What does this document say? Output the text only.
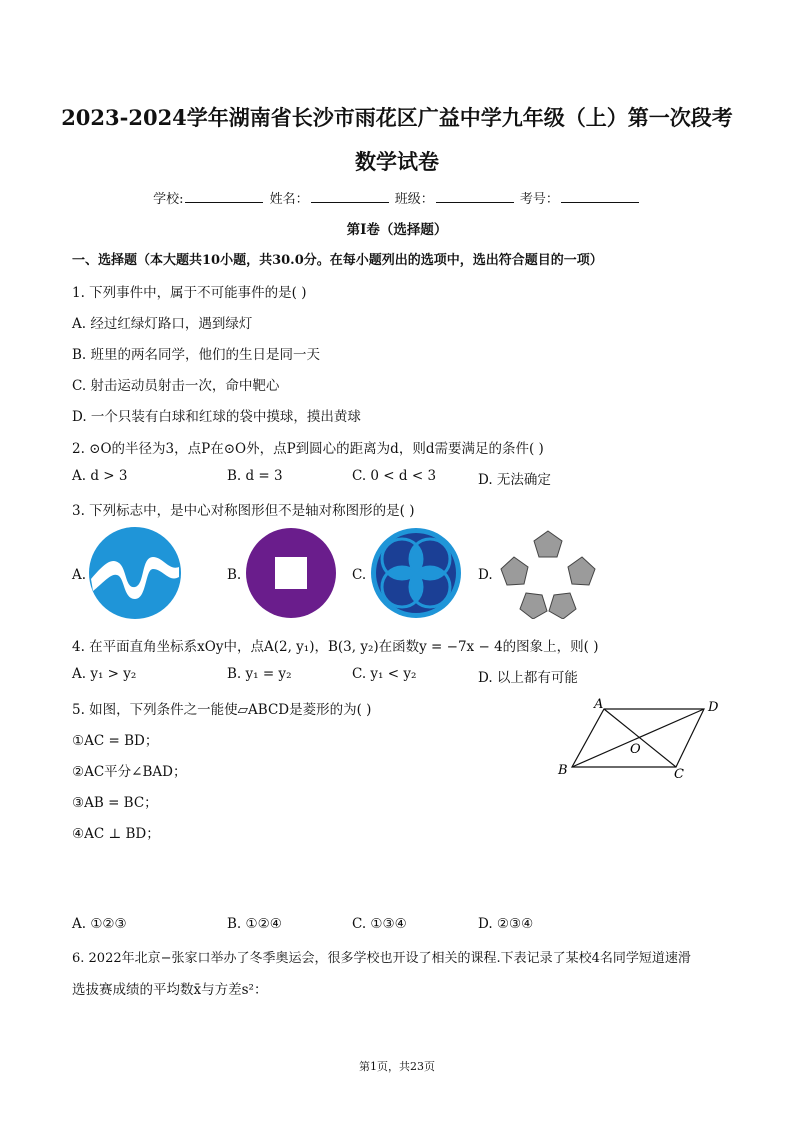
2023-2024学年湖南省长沙市雨花区广益中学九年级（上）第一次段考
数学试卷
学校:	姓名：	班级：	考号：
第I卷（选择题）
一、选择题（本大题共10小题，共30.0分。在每小题列出的选项中，选出符合题目的一项）
1. 下列事件中，属于不可能事件的是( )
A. 经过红绿灯路口，遇到绿灯
B. 班里的两名同学，他们的生日是同一天
C. 射击运动员射击一次，命中靶心
D. 一个只装有白球和红球的袋中摸球，摸出黄球
2. ⊙O的半径为3，点P在⊙O外，点P到圆心的距离为d，则d需要满足的条件( )
A. d > 3	B. d = 3	C. 0 < d < 3	D. 无法确定
3. 下列标志中，是中心对称图形但不是轴对称图形的是( )
A.	B.	C.	D.
4. 在平面直角坐标系xOy中，点A(2, y₁)，B(3, y₂)在函数y = −7x − 4的图象上，则( )
A. y₁ > y₂	B. y₁ = y₂	C. y₁ < y₂	D. 以上都有可能
5. 如图，下列条件之一能使▱ABCD是菱形的为( )
①AC = BD；
②AC平分∠BAD；
③AB = BC；
④AC ⊥ BD；
A	D
B	C
O
A. ①②③	B. ①②④	C. ①③④	D. ②③④
6. 2022年北京−张家口举办了冬季奥运会，很多学校也开设了相关的课程.下表记录了某校4名同学短道速滑
选拔赛成绩的平均数x̄与方差s²：
第1页，共23页
